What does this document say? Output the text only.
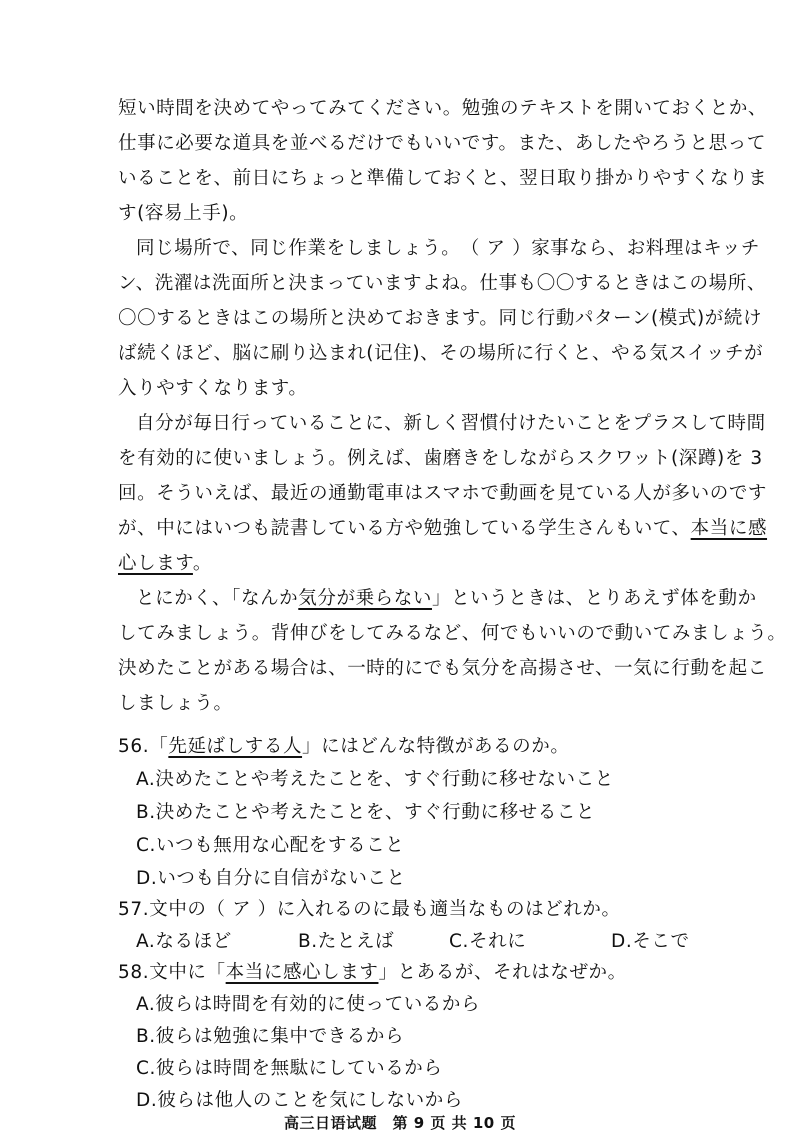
短い時間を決めてやってみてください。勉強のテキストを開いておくとか、
仕事に必要な道具を並べるだけでもいいです。また、あしたやろうと思って
いることを、前日にちょっと準備しておくと、翌日取り掛かりやすくなりま
す(容易上手)。
同じ場所で、同じ作業をしましょう。　（ ア ）家事なら、お料理はキッチ
ン、洗濯は洗面所と決まっていますよね。仕事も〇〇するときはこの場所、
〇〇するときはこの場所と決めておきます。同じ行動パターン(模式)が続け
ば続くほど、脳に刷り込まれ(记住)、その場所に行くと、やる気スイッチが
入りやすくなります。
自分が毎日行っていることに、新しく習慣付けたいことをプラスして時間
を有効的に使いましょう。例えば、歯磨きをしながらスクワット(深蹲)を 3
回。そういえば、最近の通勤電車はスマホで動画を見ている人が多いのです
が、中にはいつも読書している方や勉強している学生さんもいて、本当に感
心します。
とにかく、「なんか気分が乗らない」というときは、とりあえず体を動か
してみましょう。背伸びをしてみるなど、何でもいいので動いてみましょう。
決めたことがある場合は、一時的にでも気分を高揚させ、一気に行動を起こ
しましょう。
56.「先延ばしする人」にはどんな特徴があるのか。
A.決めたことや考えたことを、すぐ行動に移せないこと
B.決めたことや考えたことを、すぐ行動に移せること
C.いつも無用な心配をすること
D.いつも自分に自信がないこと
57.文中の（ ア ）に入れるのに最も適当なものはどれか。
A.なるほど	B.たとえば	C.それに	D.そこで
58.文中に「本当に感心します」とあるが、それはなぜか。
A.彼らは時間を有効的に使っているから
B.彼らは勉強に集中できるから
C.彼らは時間を無駄にしているから
D.彼らは他人のことを気にしないから
高三日语试题　第 9 页 共 10 页
